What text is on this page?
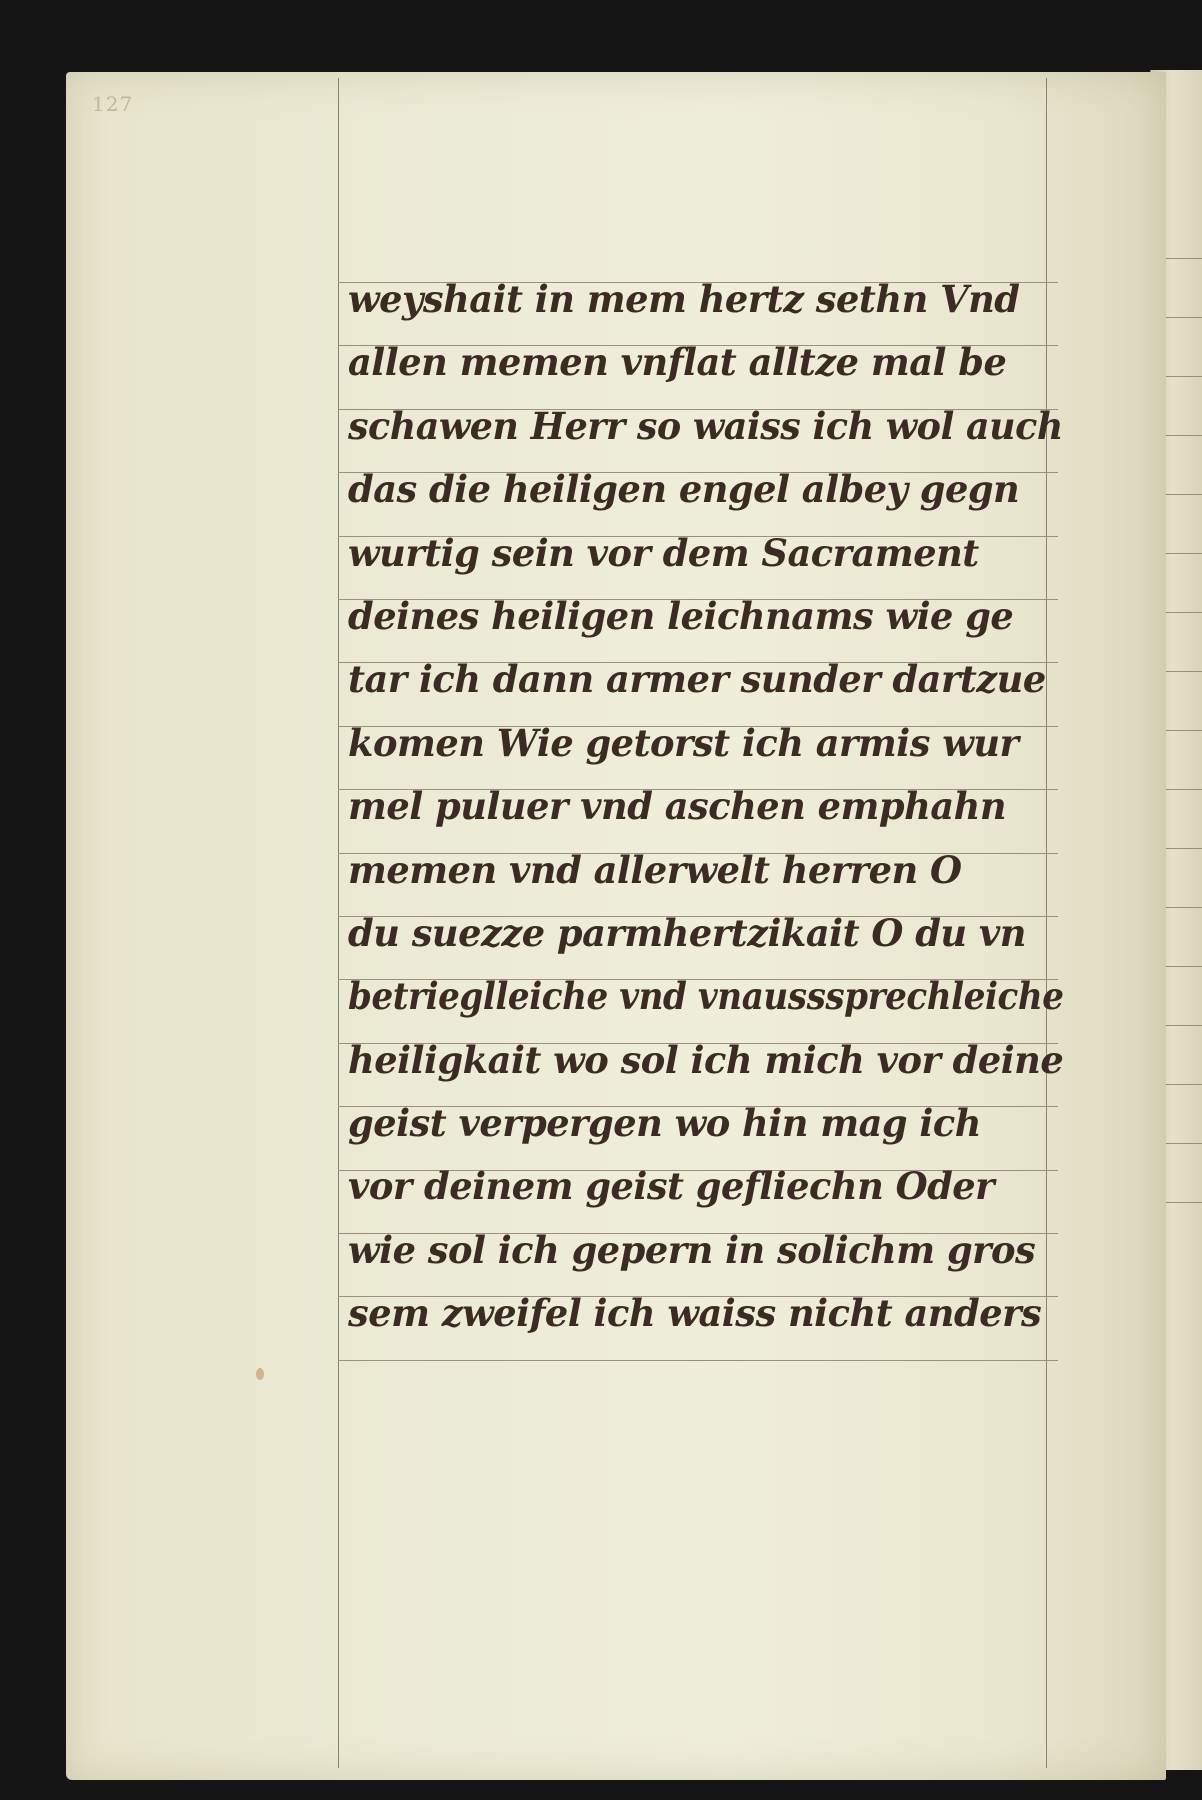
127
weyshait in mem hertz sethn Vnd
allen memen vnflat alltze mal be
schawen Herr so waiss ich wol auch
das die heiligen engel albey gegn
wurtig sein vor dem Sacrament
deines heiligen leichnams wie ge
tar ich dann armer sunder dartzue
komen Wie getorst ich armis wur
mel puluer vnd aschen emphahn
memen vnd allerwelt herren O
du suezze parmhertzikait O du vn
betrieglleiche vnd vnausssprechleiche
heiligkait wo sol ich mich vor deine
geist verpergen wo hin mag ich
vor deinem geist gefliechn Oder
wie sol ich gepern in solichm gros
sem zweifel ich waiss nicht anders
